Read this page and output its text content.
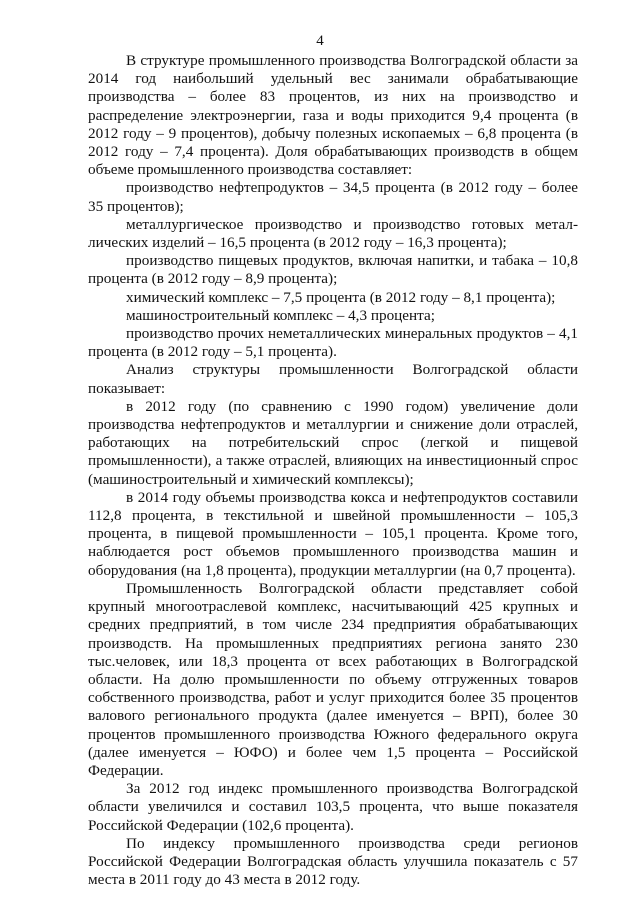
4

В структуре промышленного производства Волгоградской области за 2014 год наибольший удельный вес занимали обрабатывающие производства – более 83 процентов, из них на производство и распределение электроэнергии, газа и воды приходится 9,4 процента (в 2012 году – 9 процентов), добычу полезных ископаемых – 6,8 процента (в 2012 году – 7,4 процента). Доля обрабатывающих производств в общем объеме промышленного производства составляет:

производство нефтепродуктов – 34,5 процента (в 2012 году – более 35 процентов);

металлургическое производство и производство готовых металлических изделий – 16,5 процента (в 2012 году – 16,3 процента);

производство пищевых продуктов, включая напитки, и табака – 10,8 процента (в 2012 году – 8,9 процента);

химический комплекс – 7,5 процента (в 2012 году – 8,1 процента);

машиностроительный комплекс – 4,3 процента;

производство прочих неметаллических минеральных продуктов – 4,1 процента (в 2012 году – 5,1 процента).

Анализ структуры промышленности Волгоградской области показывает:

в 2012 году (по сравнению с 1990 годом) увеличение доли производства нефтепродуктов и металлургии и снижение доли отраслей, работающих на потребительский спрос (легкой и пищевой промышленности), а также отраслей, влияющих на инвестиционный спрос (машиностроительный и химический комплексы);

в 2014 году объемы производства кокса и нефтепродуктов составили 112,8 процента, в текстильной и швейной промышленности – 105,3 процента, в пищевой промышленности – 105,1 процента. Кроме того, наблюдается рост объемов промышленного производства машин и оборудования (на 1,8 процента), продукции металлургии (на 0,7 процента).

Промышленность Волгоградской области представляет собой крупный многоотраслевой комплекс, насчитывающий 425 крупных и средних предприятий, в том числе 234 предприятия обрабатывающих производств. На промышленных предприятиях региона занято 230 тыс.человек, или 18,3 процента от всех работающих в Волгоградской области. На долю промышленности по объему отгруженных товаров собственного производства, работ и услуг приходится более 35 процентов валового регионального продукта (далее именуется – ВРП), более 30 процентов промышленного производства Южного федерального округа (далее именуется – ЮФО) и более чем 1,5 процента – Российской Федерации.

За 2012 год индекс промышленного производства Волгоградской области увеличился и составил 103,5 процента, что выше показателя Российской Федерации (102,6 процента).

По индексу промышленного производства среди регионов Российской Федерации Волгоградская область улучшила показатель с 57 места в 2011 году до 43 места в 2012 году.
